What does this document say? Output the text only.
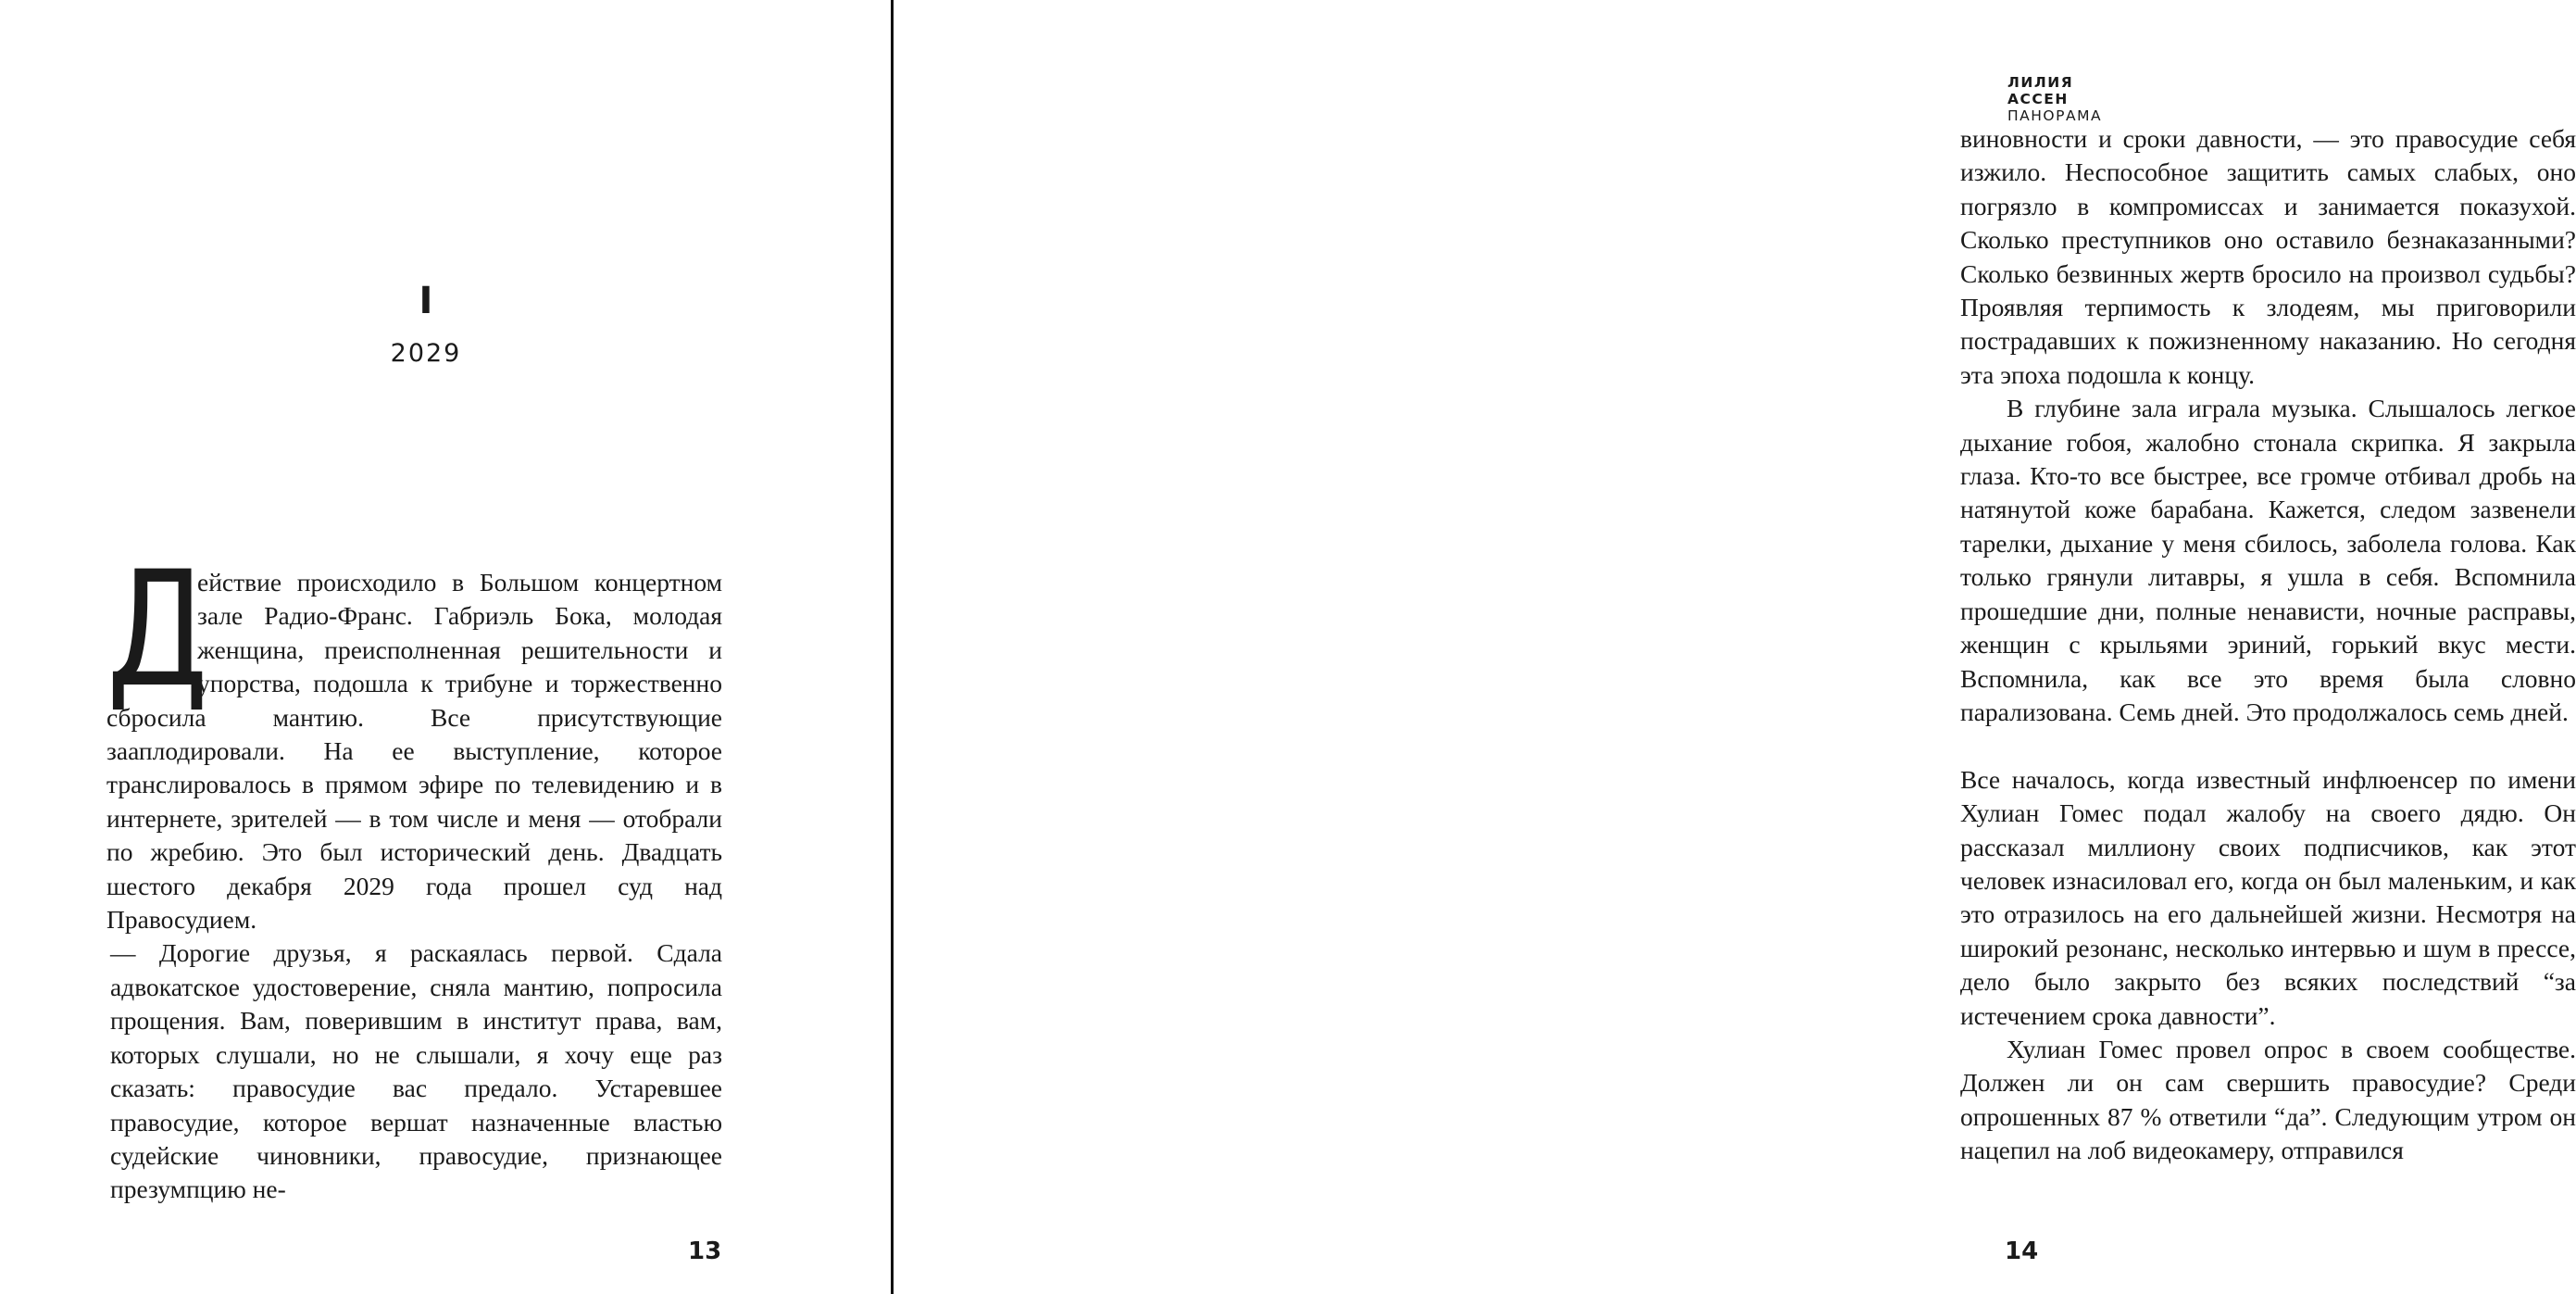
I
2029

Д
ействие происходило в Большом концертном зале Радио-Франс. Габриэль Бока, молодая женщина, преисполненная решительности и упорства, подошла к трибуне и торжественно сбросила мантию. Все присутствующие зааплодировали. На ее выступление, которое транслировалось в прямом эфире по телевидению и в интернете, зрителей — в том числе и меня — отобрали по жребию. Это был исторический день. Двадцать шестого декабря 2029 года прошел суд над Правосудием.

— Дорогие друзья, я раскаялась первой. Сдала адвокатское удостоверение, сняла мантию, попросила прощения. Вам, поверившим в институт права, вам, которых слушали, но не слышали, я хочу еще раз сказать: правосудие вас предало. Устаревшее правосудие, которое вершат назначенные властью судейские чиновники, правосудие, признающее презумпцию не-

13
ЛИЛИЯ АССЕН ПАНОРАМА

виновности и сроки давности, — это правосудие себя изжило. Неспособное защитить самых слабых, оно погрязло в компромиссах и занимается показухой. Сколько преступников оно оставило безнаказанными? Сколько безвинных жертв бросило на произвол судьбы? Проявляя терпимость к злодеям, мы приговорили пострадавших к пожизненному наказанию. Но сегодня эта эпоха подошла к концу.

В глубине зала играла музыка. Слышалось легкое дыхание гобоя, жалобно стонала скрипка. Я закрыла глаза. Кто-то все быстрее, все громче отбивал дробь на натянутой коже барабана. Кажется, следом зазвенели тарелки, дыхание у меня сбилось, заболела голова. Как только грянули литавры, я ушла в себя. Вспомнила прошедшие дни, полные ненависти, ночные расправы, женщин с крыльями эриний, горький вкус мести. Вспомнила, как все это время была словно парализована. Семь дней. Это продолжалось семь дней.

Все началось, когда известный инфлюенсер по имени Хулиан Гомес подал жалобу на своего дядю. Он рассказал миллиону своих подписчиков, как этот человек изнасиловал его, когда он был маленьким, и как это отразилось на его дальнейшей жизни. Несмотря на широкий резонанс, несколько интервью и шум в прессе, дело было закрыто без всяких последствий “за истечением срока давности”.

Хулиан Гомес провел опрос в своем сообществе. Должен ли он сам свершить правосудие? Среди опрошенных 87 % ответили “да”. Следующим утром он нацепил на лоб видеокамеру, отправился

14
